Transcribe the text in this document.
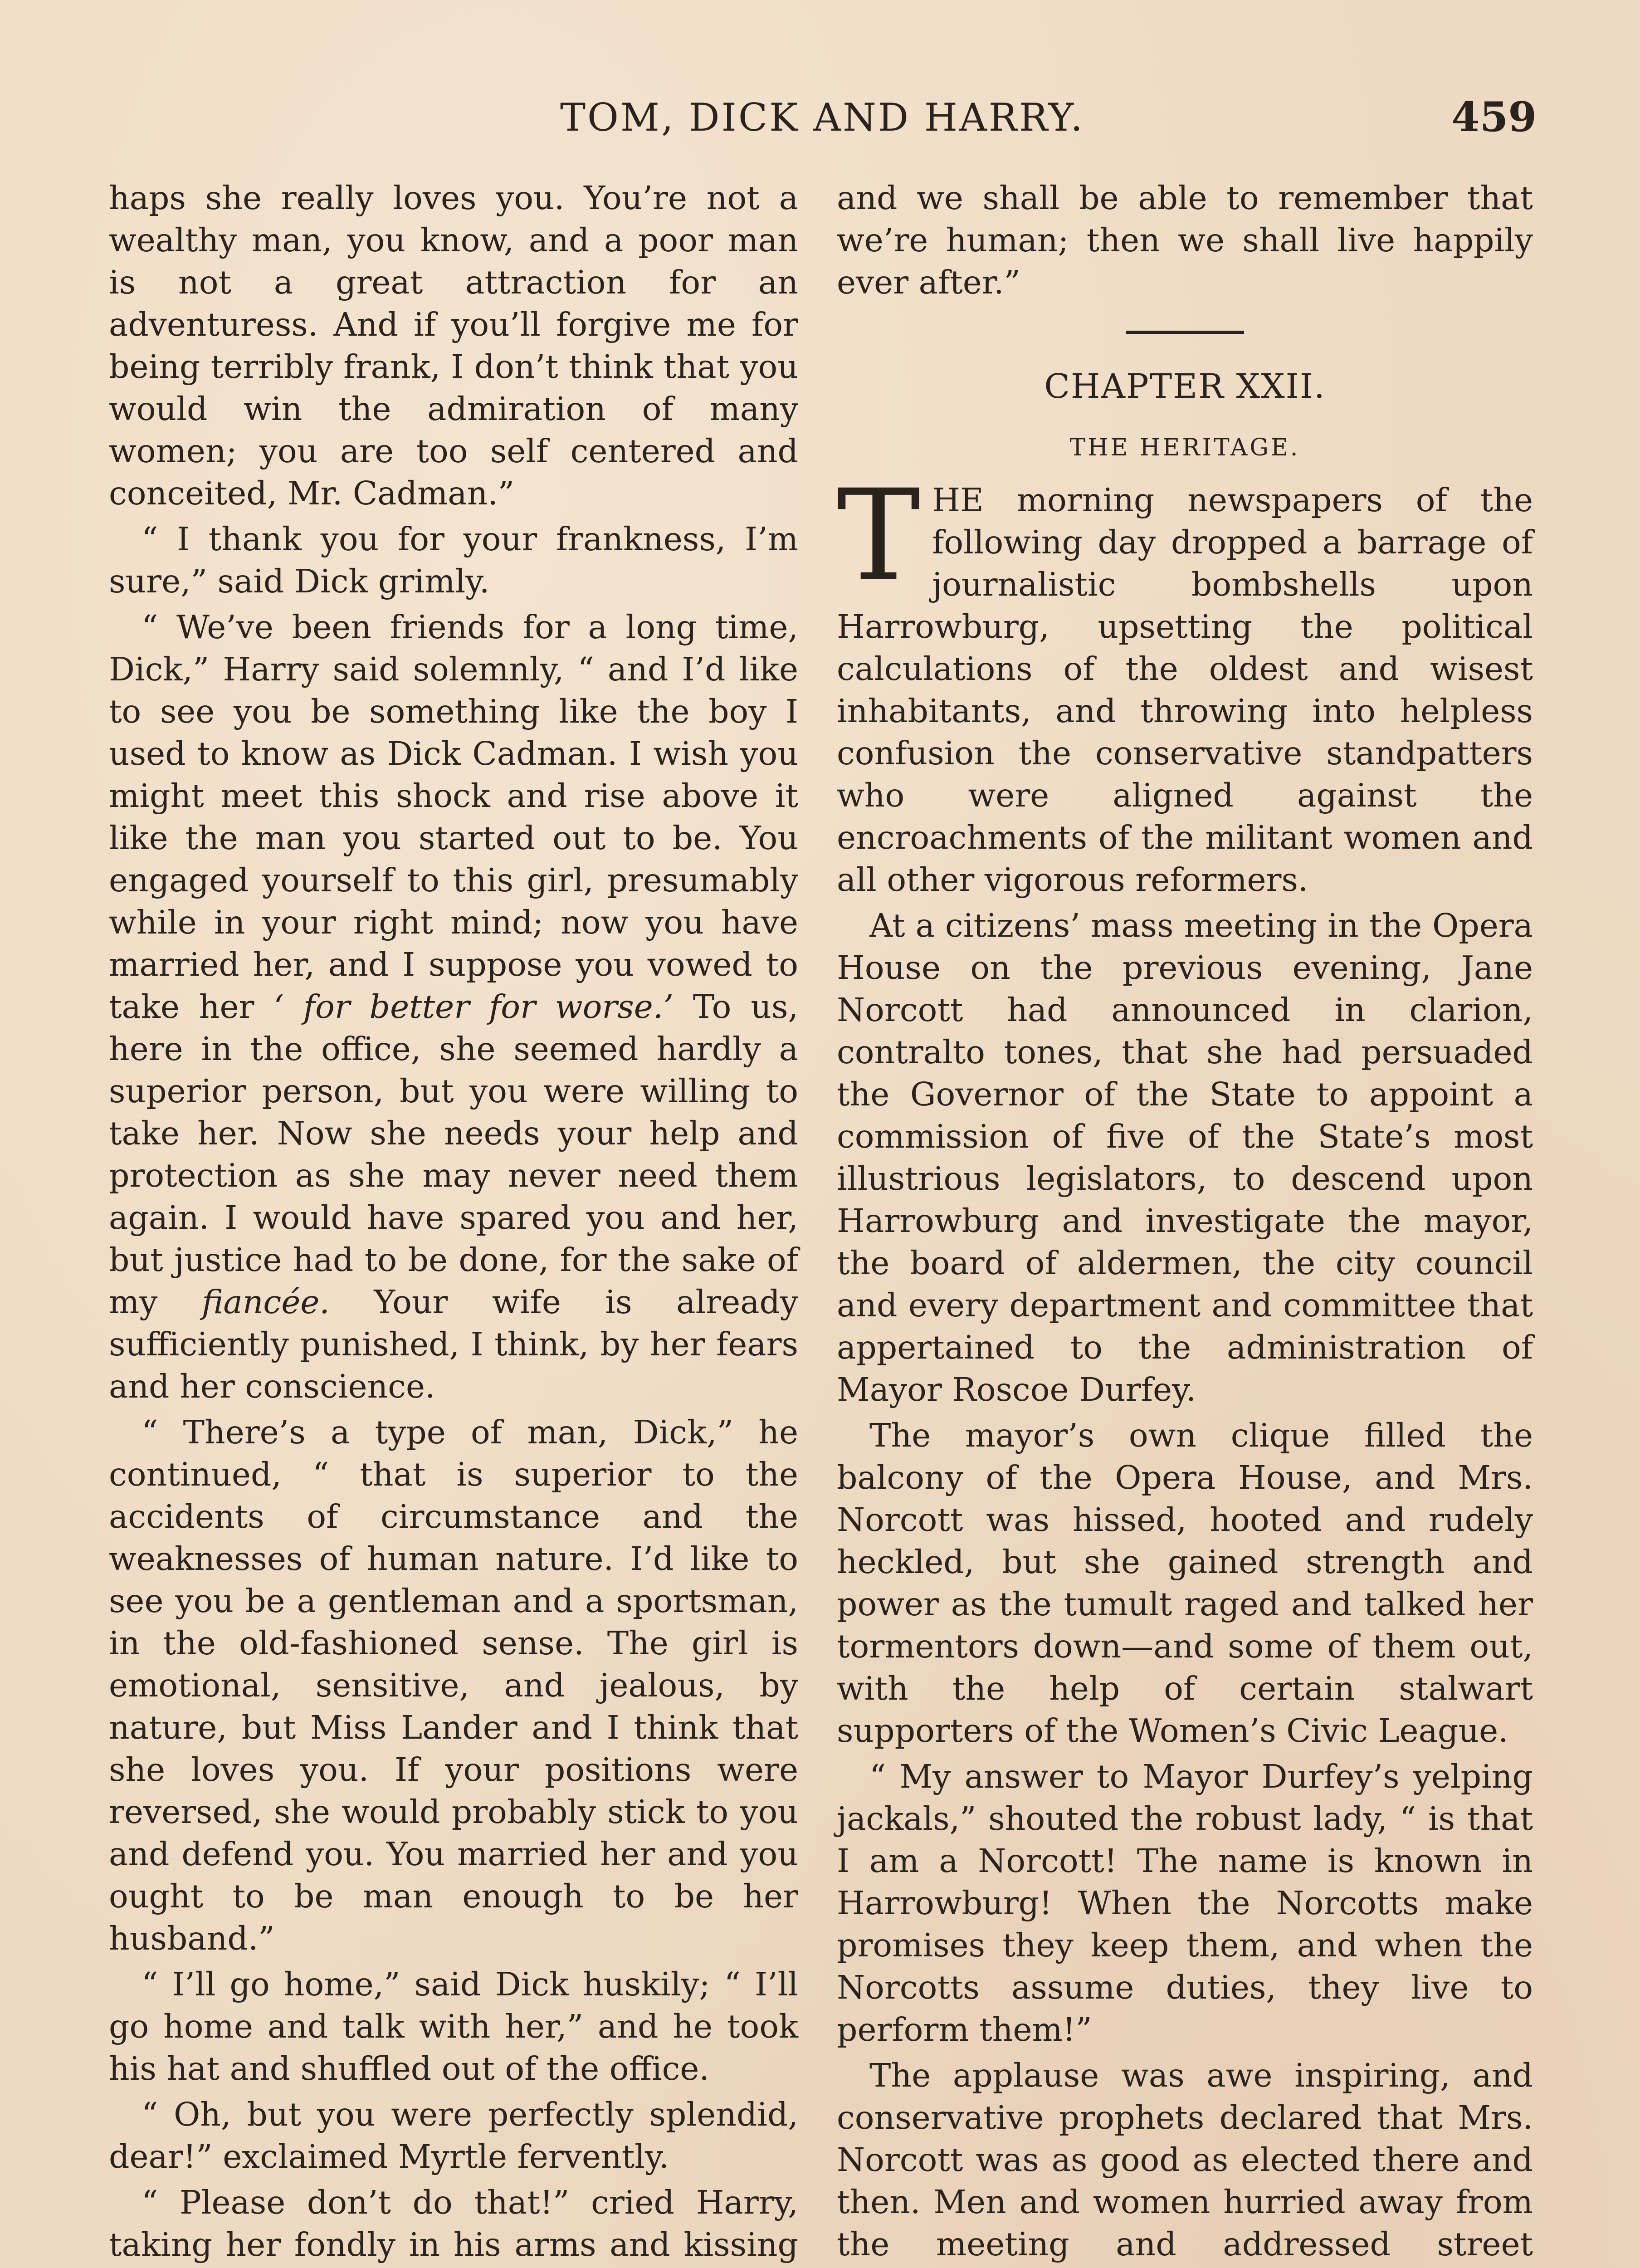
TOM, DICK AND HARRY.	459

haps she really loves you. You’re not a wealthy man, you know, and a poor man is not a great attraction for an adventuress. And if you’ll forgive me for being terribly frank, I don’t think that you would win the admiration of many women; you are too self centered and conceited, Mr. Cadman.”

“ I thank you for your frankness, I’m sure,” said Dick grimly.

“ We’ve been friends for a long time, Dick,” Harry said solemnly, “ and I’d like to see you be something like the boy I used to know as Dick Cadman. I wish you might meet this shock and rise above it like the man you started out to be. You engaged yourself to this girl, presumably while in your right mind; now you have married her, and I suppose you vowed to take her ‘ for better for worse.’ To us, here in the office, she seemed hardly a superior person, but you were willing to take her. Now she needs your help and protection as she may never need them again. I would have spared you and her, but justice had to be done, for the sake of my fiancée. Your wife is already sufficiently punished, I think, by her fears and her conscience.

“ There’s a type of man, Dick,” he continued, “ that is superior to the accidents of circumstance and the weaknesses of human nature. I’d like to see you be a gentleman and a sportsman, in the old-fashioned sense. The girl is emotional, sensitive, and jealous, by nature, but Miss Lander and I think that she loves you. If your positions were reversed, she would probably stick to you and defend you. You married her and you ought to be man enough to be her husband.”

“ I’ll go home,” said Dick huskily; “ I’ll go home and talk with her,” and he took his hat and shuffled out of the office.

“ Oh, but you were perfectly splendid, dear!” exclaimed Myrtle fervently.

“ Please don’t do that!” cried Harry, taking her fondly in his arms and kissing

and we shall be able to remember that we’re human; then we shall live happily ever after.”

CHAPTER XXII.
THE HERITAGE.

THE morning newspapers of the following day dropped a barrage of journalistic bombshells upon Harrowburg, upsetting the political calculations of the oldest and wisest inhabitants, and throwing into helpless confusion the conservative standpatters who were aligned against the encroachments of the militant women and all other vigorous reformers.

At a citizens’ mass meeting in the Opera House on the previous evening, Jane Norcott had announced in clarion, contralto tones, that she had persuaded the Governor of the State to appoint a commission of five of the State’s most illustrious legislators, to descend upon Harrowburg and investigate the mayor, the board of aldermen, the city council and every department and committee that appertained to the administration of Mayor Roscoe Durfey.

The mayor’s own clique filled the balcony of the Opera House, and Mrs. Norcott was hissed, hooted and rudely heckled, but she gained strength and power as the tumult raged and talked her tormentors down—and some of them out, with the help of certain stalwart supporters of the Women’s Civic League.

“ My answer to Mayor Durfey’s yelping jackals,” shouted the robust lady, “ is that I am a Norcott! The name is known in Harrowburg! When the Norcotts make promises they keep them, and when the Norcotts assume duties, they live to perform them!”

The applause was awe inspiring, and conservative prophets declared that Mrs. Norcott was as good as elected there and then. Men and women hurried away from the meeting and addressed street
